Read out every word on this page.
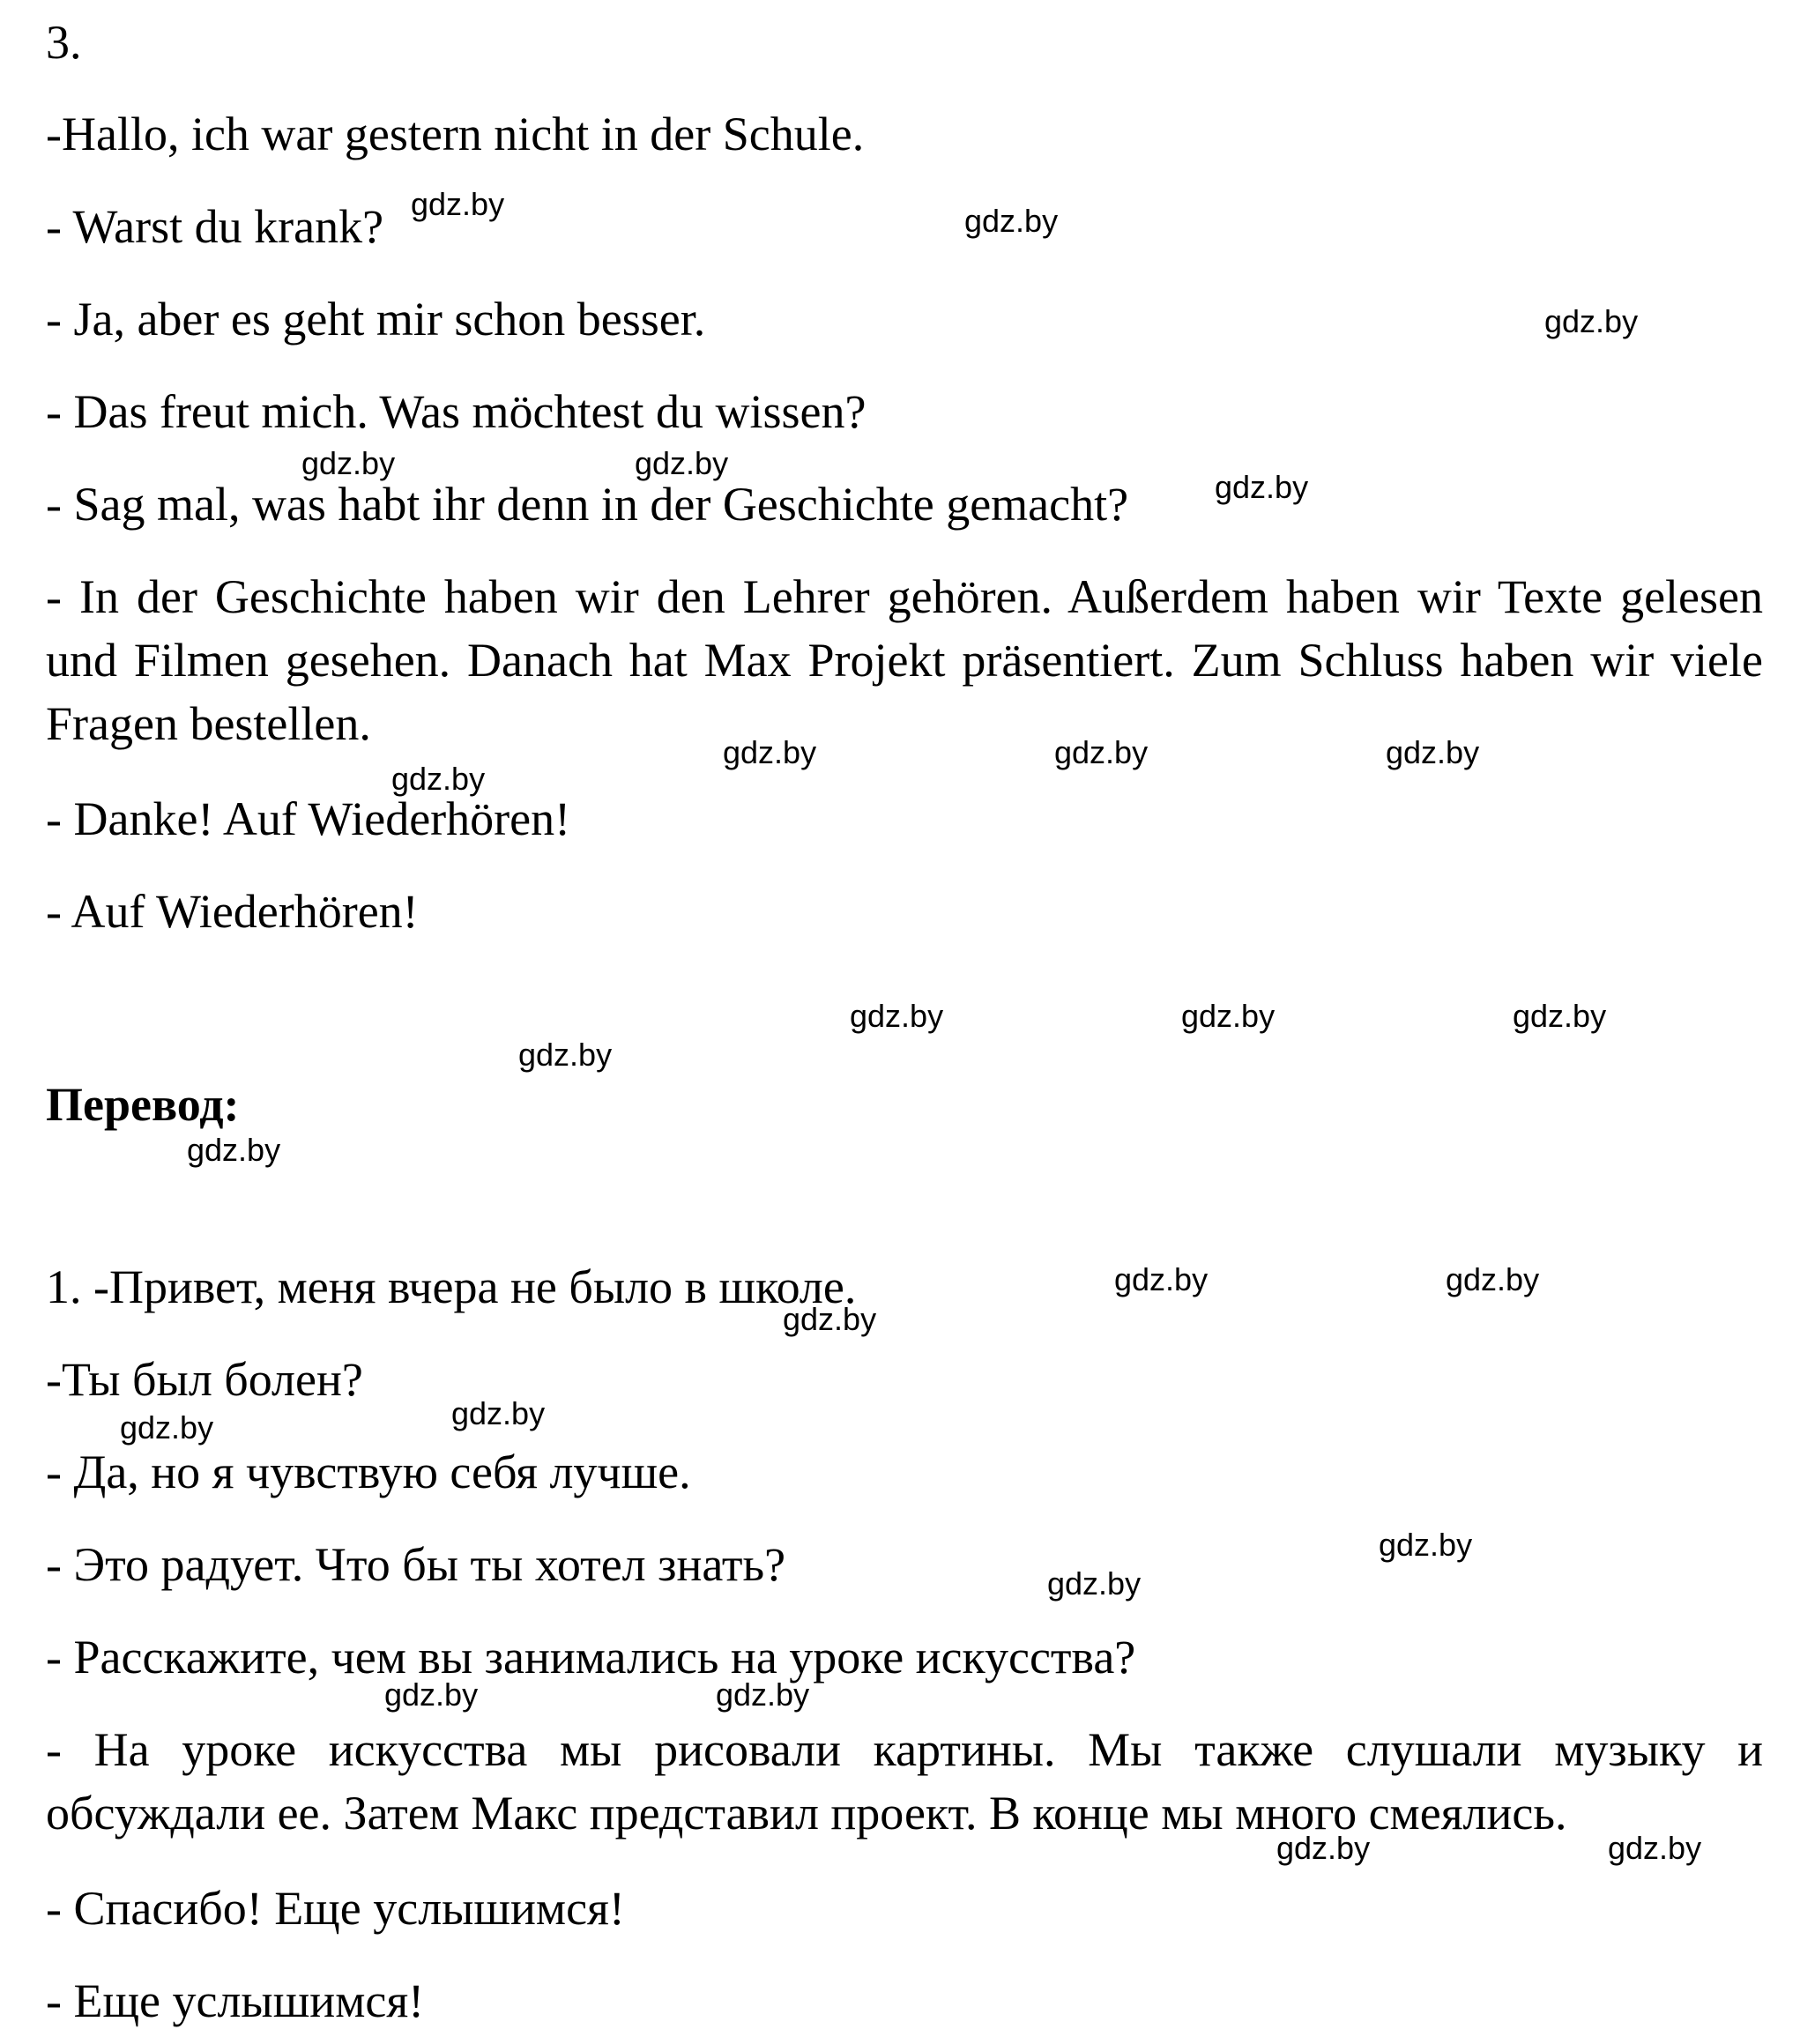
3.
-Hallo, ich war gestern nicht in der Schule.
- Warst du krank?
- Ja, aber es geht mir schon besser.
- Das freut mich. Was möchtest du wissen?
- Sag mal, was habt ihr denn in der Geschichte gemacht?
- In der Geschichte haben wir den Lehrer gehören. Außerdem haben wir Texte gelesen und Filmen gesehen. Danach hat Max Projekt präsentiert. Zum Schluss haben wir viele Fragen bestellen.
- Danke! Auf Wiederhören!
- Auf Wiederhören!
Перевод:
1. -Привет, меня вчера не было в школе.
-Ты был болен?
- Да, но я чувствую себя лучше.
- Это радует. Что бы ты хотел знать?
- Расскажите, чем вы занимались на уроке искусства?
- На уроке искусства мы рисовали картины. Мы также слушали музыку и обсуждали ее. Затем Макс представил проект. В конце мы много смеялись.
- Спасибо! Еще услышимся!
- Еще услышимся!
gdz.by	gdz.by
gdz.by
gdz.by	gdz.by
gdz.by
gdz.by	gdz.by	gdz.by
gdz.by
gdz.by	gdz.by	gdz.by
gdz.by
gdz.by
gdz.by	gdz.by
gdz.by
gdz.by
gdz.by
gdz.by
gdz.by
gdz.by	gdz.by
gdz.by	gdz.by
